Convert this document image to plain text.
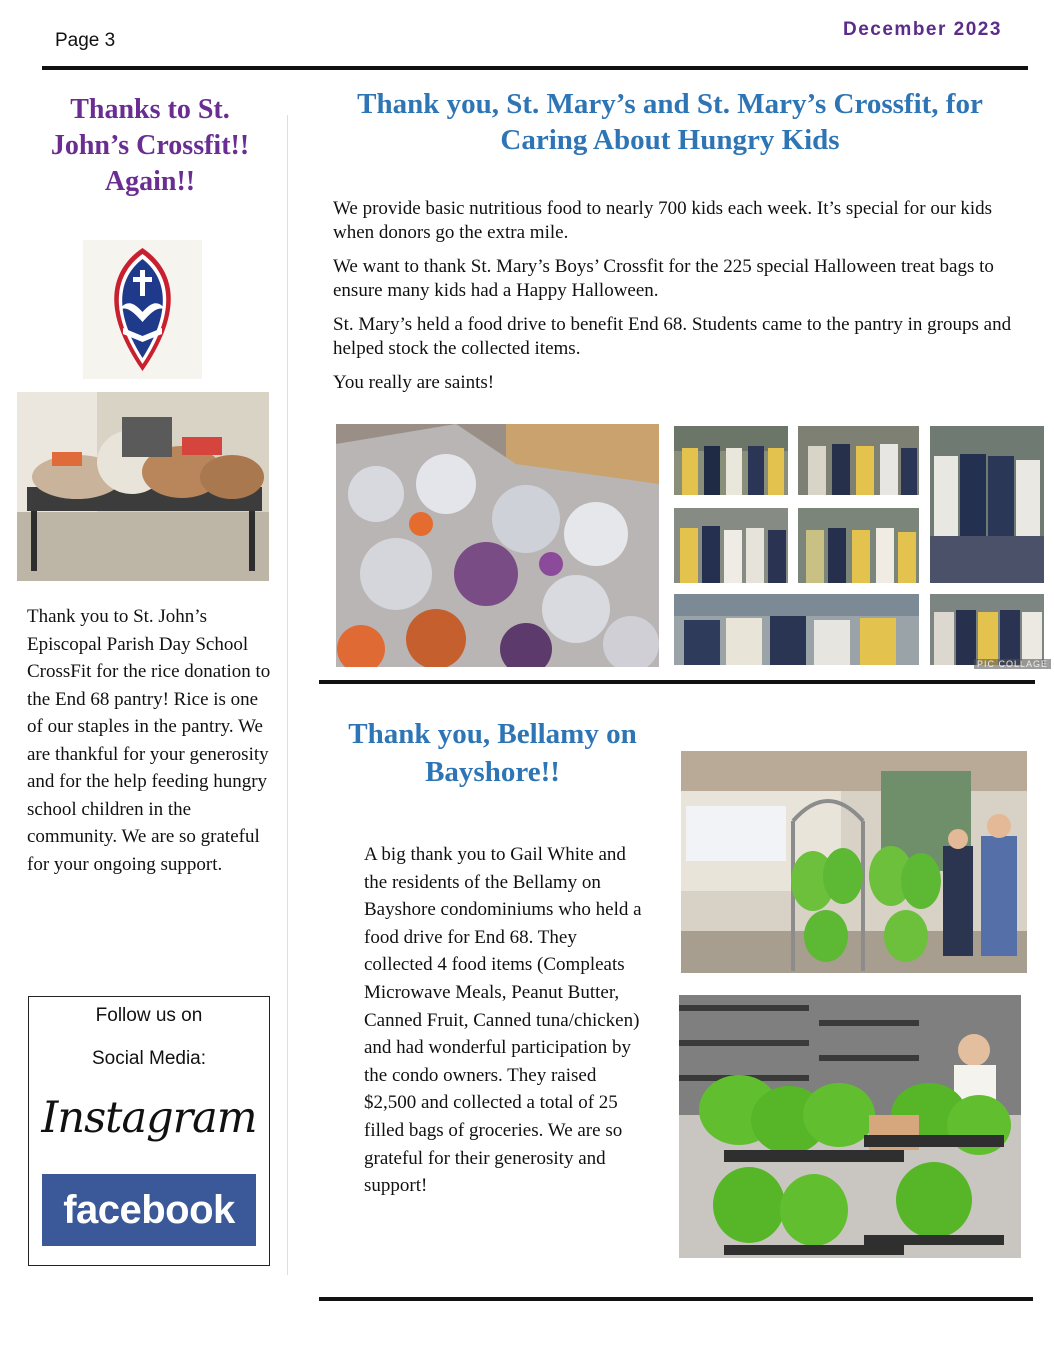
Page 3
December 2023
Thanks to St. John’s Crossfit!! Again!!
Thank you to St. John’s Episcopal Parish Day School CrossFit for the rice donation to the End 68 pantry! Rice is one of our staples in the pantry. We are thankful for your generosity and for the help feeding hungry school children in the community. We are so grateful for your ongoing support.
Follow us on
Social Media:
Instagram
facebook
Thank you, St. Mary’s and St. Mary’s Crossfit, for Caring About Hungry Kids

We provide basic nutritious food to nearly 700 kids each week. It’s special for our kids when donors go the extra mile.

We want to thank St. Mary’s Boys’ Crossfit for the 225 special Halloween treat bags to ensure many kids had a Happy Halloween.

St. Mary’s held a food drive to benefit End 68. Students came to the pantry in groups and helped stock the collected items.

You really are saints!

PIC COLLAGE
Thank you, Bellamy on Bayshore!!
A big thank you to Gail White and the residents of the Bellamy on Bayshore condominiums who held a food drive for End 68. They collected 4 food items (Compleats Microwave Meals, Peanut Butter, Canned Fruit, Canned tuna/chicken) and had wonderful participation by the condo owners. They raised $2,500 and collected a total of 25 filled bags of groceries. We are so grateful for their generosity and support!
